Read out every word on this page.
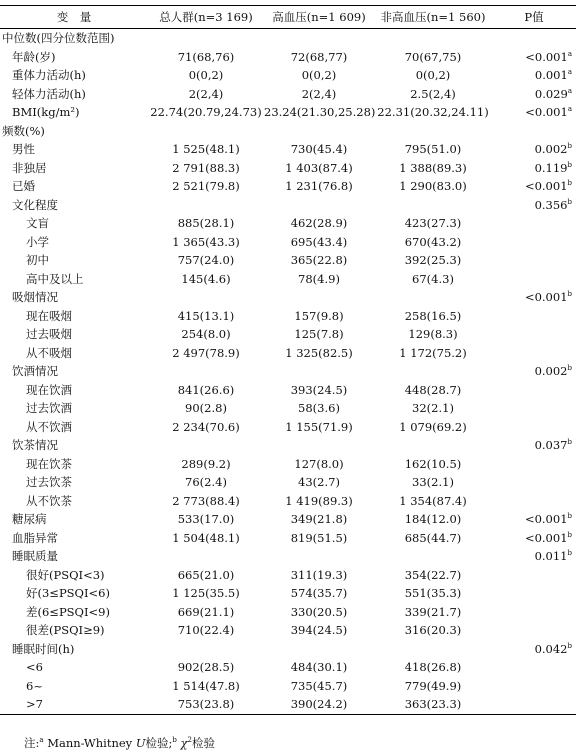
变　量	总人群(n=3 169)	高血压(n=1 609)	非高血压(n=1 560)	P值
中位数(四分位数范围)				
年龄(岁)	71(68,76)	72(68,77)	70(67,75)	<0.001$^a$
重体力活动(h)	0(0,2)	0(0,2)	0(0,2)	0.001$^a$
轻体力活动(h)	2(2,4)	2(2,4)	2.5(2,4)	0.029$^a$
BMI(kg/m²)	22.74(20.79,24.73)	23.24(21.30,25.28)	22.31(20.32,24.11)	<0.001$^a$
频数(%)				
男性	1 525(48.1)	730(45.4)	795(51.0)	0.002$^b$
非独居	2 791(88.3)	1 403(87.4)	1 388(89.3)	0.119$^b$
已婚	2 521(79.8)	1 231(76.8)	1 290(83.0)	<0.001$^b$
文化程度				0.356$^b$
文盲	885(28.1)	462(28.9)	423(27.3)	
小学	1 365(43.3)	695(43.4)	670(43.2)	
初中	757(24.0)	365(22.8)	392(25.3)	
高中及以上	145(4.6)	78(4.9)	67(4.3)	
吸烟情况				<0.001$^b$
现在吸烟	415(13.1)	157(9.8)	258(16.5)	
过去吸烟	254(8.0)	125(7.8)	129(8.3)	
从不吸烟	2 497(78.9)	1 325(82.5)	1 172(75.2)	
饮酒情况				0.002$^b$
现在饮酒	841(26.6)	393(24.5)	448(28.7)	
过去饮酒	90(2.8)	58(3.6)	32(2.1)	
从不饮酒	2 234(70.6)	1 155(71.9)	1 079(69.2)	
饮茶情况				0.037$^b$
现在饮茶	289(9.2)	127(8.0)	162(10.5)	
过去饮茶	76(2.4)	43(2.7)	33(2.1)	
从不饮茶	2 773(88.4)	1 419(89.3)	1 354(87.4)	
糖尿病	533(17.0)	349(21.8)	184(12.0)	<0.001$^b$
血脂异常	1 504(48.1)	819(51.5)	685(44.7)	<0.001$^b$
睡眠质量				0.011$^b$
很好(PSQI<3)	665(21.0)	311(19.3)	354(22.7)	
好(3≤PSQI<6)	1 125(35.5)	574(35.7)	551(35.3)	
差(6≤PSQI<9)	669(21.1)	330(20.5)	339(21.7)	
很差(PSQI≥9)	710(22.4)	394(24.5)	316(20.3)	
睡眠时间(h)				0.042$^b$
<6	902(28.5)	484(30.1)	418(26.8)	
6~	1 514(47.8)	735(45.7)	779(49.9)	
>7	753(23.8)	390(24.2)	363(23.3)	
注:$^a$ Mann-Whitney U检验;$^b$ $\chi^2$检验
